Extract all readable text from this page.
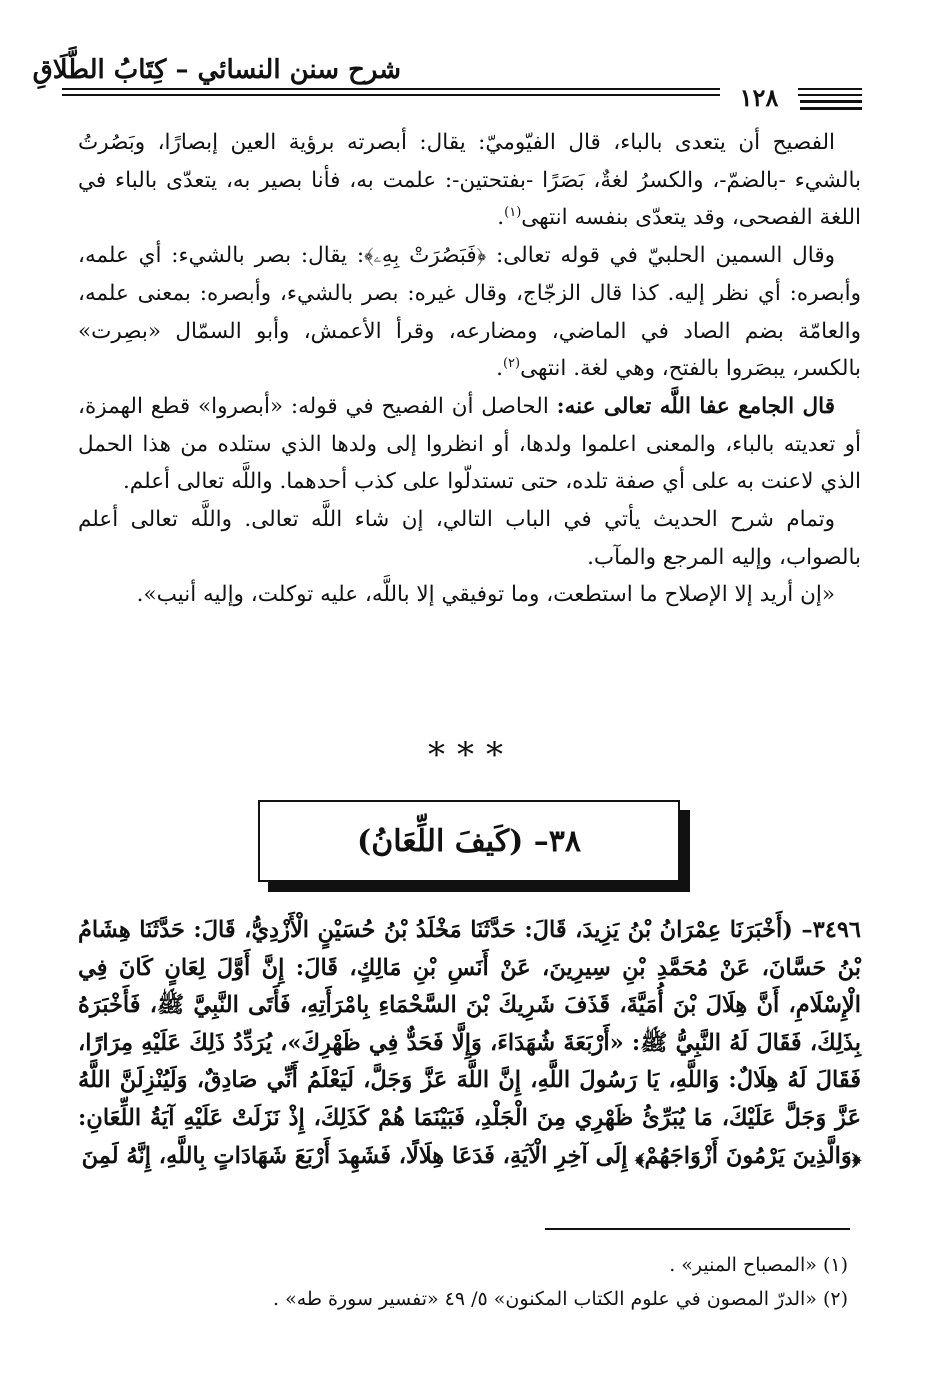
شرح سنن النسائي – كِتَابُ الطَّلَاقِ
١٢٨

الفصيح أن يتعدى بالباء، قال الفيّوميّ: يقال: أبصرته برؤية العين إبصارًا، وبَصُرتُ بالشيء -بالضمّ-، والكسرُ لغةٌ، بَصَرًا -بفتحتين-: علمت به، فأنا بصير به، يتعدّى بالباء في اللغة الفصحى، وقد يتعدّى بنفسه انتهى$^{(١)}$.

وقال السمين الحلبيّ في قوله تعالى: ﴿فَبَصُرَتْ بِهِۦ﴾: يقال: بصر بالشيء: أي علمه، وأبصره: أي نظر إليه. كذا قال الزجّاج، وقال غيره: بصر بالشيء، وأبصره: بمعنى علمه، والعامّة بضم الصاد في الماضي، ومضارعه، وقرأ الأعمش، وأبو السمّال «بصِرت» بالكسر، يبصَروا بالفتح، وهي لغة. انتهى$^{(٢)}$.

قال الجامع عفا اللَّه تعالى عنه: الحاصل أن الفصيح في قوله: «أبصروا» قطع الهمزة، أو تعديته بالباء، والمعنى اعلموا ولدها، أو انظروا إلى ولدها الذي ستلده من هذا الحمل الذي لاعنت به على أي صفة تلده، حتى تستدلّوا على كذب أحدهما. واللَّه تعالى أعلم.

وتمام شرح الحديث يأتي في الباب التالي، إن شاء اللَّه تعالى. واللَّه تعالى أعلم بالصواب، وإليه المرجع والمآب.

«إن أريد إلا الإصلاح ما استطعت، وما توفيقي إلا باللَّه، عليه توكلت، وإليه أنيب».

***
٣٨– (كَيفَ اللِّعَانُ)

٣٤٩٦– (أَخْبَرَنَا عِمْرَانُ بْنُ يَزِيدَ، قَالَ: حَدَّثَنَا مَخْلَدُ بْنُ حُسَيْنٍ الْأَزْدِيُّ، قَالَ: حَدَّثَنَا هِشَامُ بْنُ حَسَّانَ، عَنْ مُحَمَّدِ بْنِ سِيرِينَ، عَنْ أَنَسِ بْنِ مَالِكٍ، قَالَ: إِنَّ أَوَّلَ لِعَانٍ كَانَ فِي الْإِسْلَامِ، أَنَّ هِلَالَ بْنَ أُمَيَّةَ، قَذَفَ شَرِيكَ بْنَ السَّحْمَاءِ بِامْرَأَتِهِ، فَأَتَى النَّبِيَّ ﷺ، فَأَخْبَرَهُ بِذَلِكَ، فَقَالَ لَهُ النَّبِيُّ ﷺ: «أَرْبَعَةَ شُهَدَاءَ، وَإِلَّا فَحَدٌّ فِي ظَهْرِكَ»، يُرَدِّدُ ذَلِكَ عَلَيْهِ مِرَارًا، فَقَالَ لَهُ هِلَالٌ: وَاللَّهِ، يَا رَسُولَ اللَّهِ، إِنَّ اللَّهَ عَزَّ وَجَلَّ، لَيَعْلَمُ أَنِّي صَادِقٌ، وَلَيُنْزِلَنَّ اللَّهُ عَزَّ وَجَلَّ عَلَيْكَ، مَا يُبَرِّئُ ظَهْرِي مِنَ الْجَلْدِ، فَبَيْنَمَا هُمْ كَذَلِكَ، إِذْ نَزَلَتْ عَلَيْهِ آيَةُ اللِّعَانِ: ﴿وَالَّذِينَ يَرْمُونَ أَزْوَاجَهُمْ﴾ إِلَى آخِرِ الْآيَةِ، فَدَعَا هِلَالًا، فَشَهِدَ أَرْبَعَ شَهَادَاتٍ بِاللَّهِ، إِنَّهُ لَمِنَ

(١) «المصباح المنير» .
(٢) «الدرّ المصون في علوم الكتاب المكنون» ٥/ ٤٩ «تفسير سورة طه» .
